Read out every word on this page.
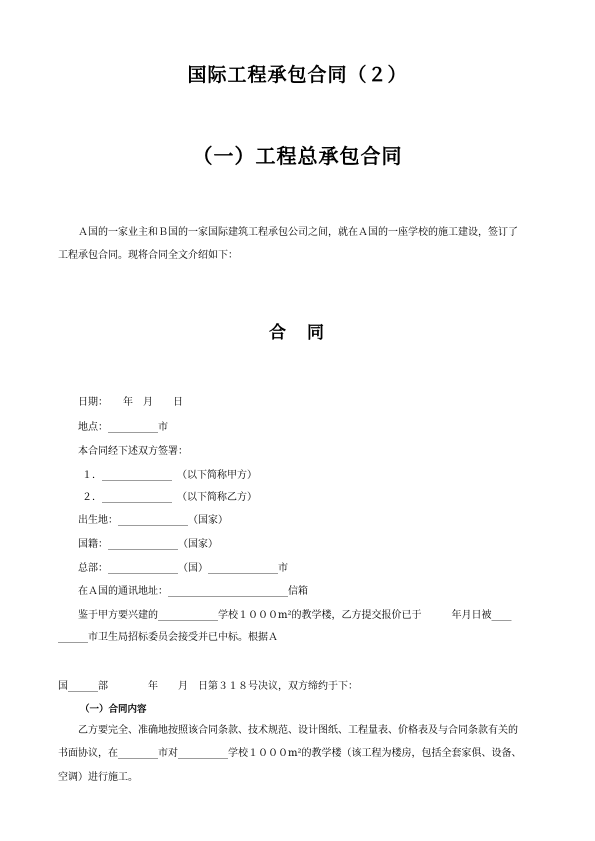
国际工程承包合同（２）
（一）工程总承包合同
Ａ国的一家业主和Ｂ国的一家国际建筑工程承包公司之间，就在Ａ国的一座学校的施工建设，签订了
工程承包合同。现将合同全文介绍如下：
合　同
日期：　　年　月　　日
地点：__________市
本合同经下述双方签署：
１．______________　（以下简称甲方）
２．______________　（以下简称乙方）
出生地：______________（国家）
国籍：______________（国家）
总部：______________（国）______________市
在Ａ国的通讯地址：________________________信箱
鉴于甲方要兴建的____________学校１０００m²的教学楼，乙方提交报价已于　　　年月日被____
______市卫生局招标委员会接受并已中标。根据Ａ
国______部　　　　年　　月　日第３１８号决议，双方缔约于下：
（一）合同内容
乙方要完全、准确地按照该合同条款、技术规范、设计图纸、工程量表、价格表及与合同条款有关的
书面协议，在________市对__________学校１０００m²的教学楼（该工程为楼房，包括全套家俱、设备、
空调）进行施工。
